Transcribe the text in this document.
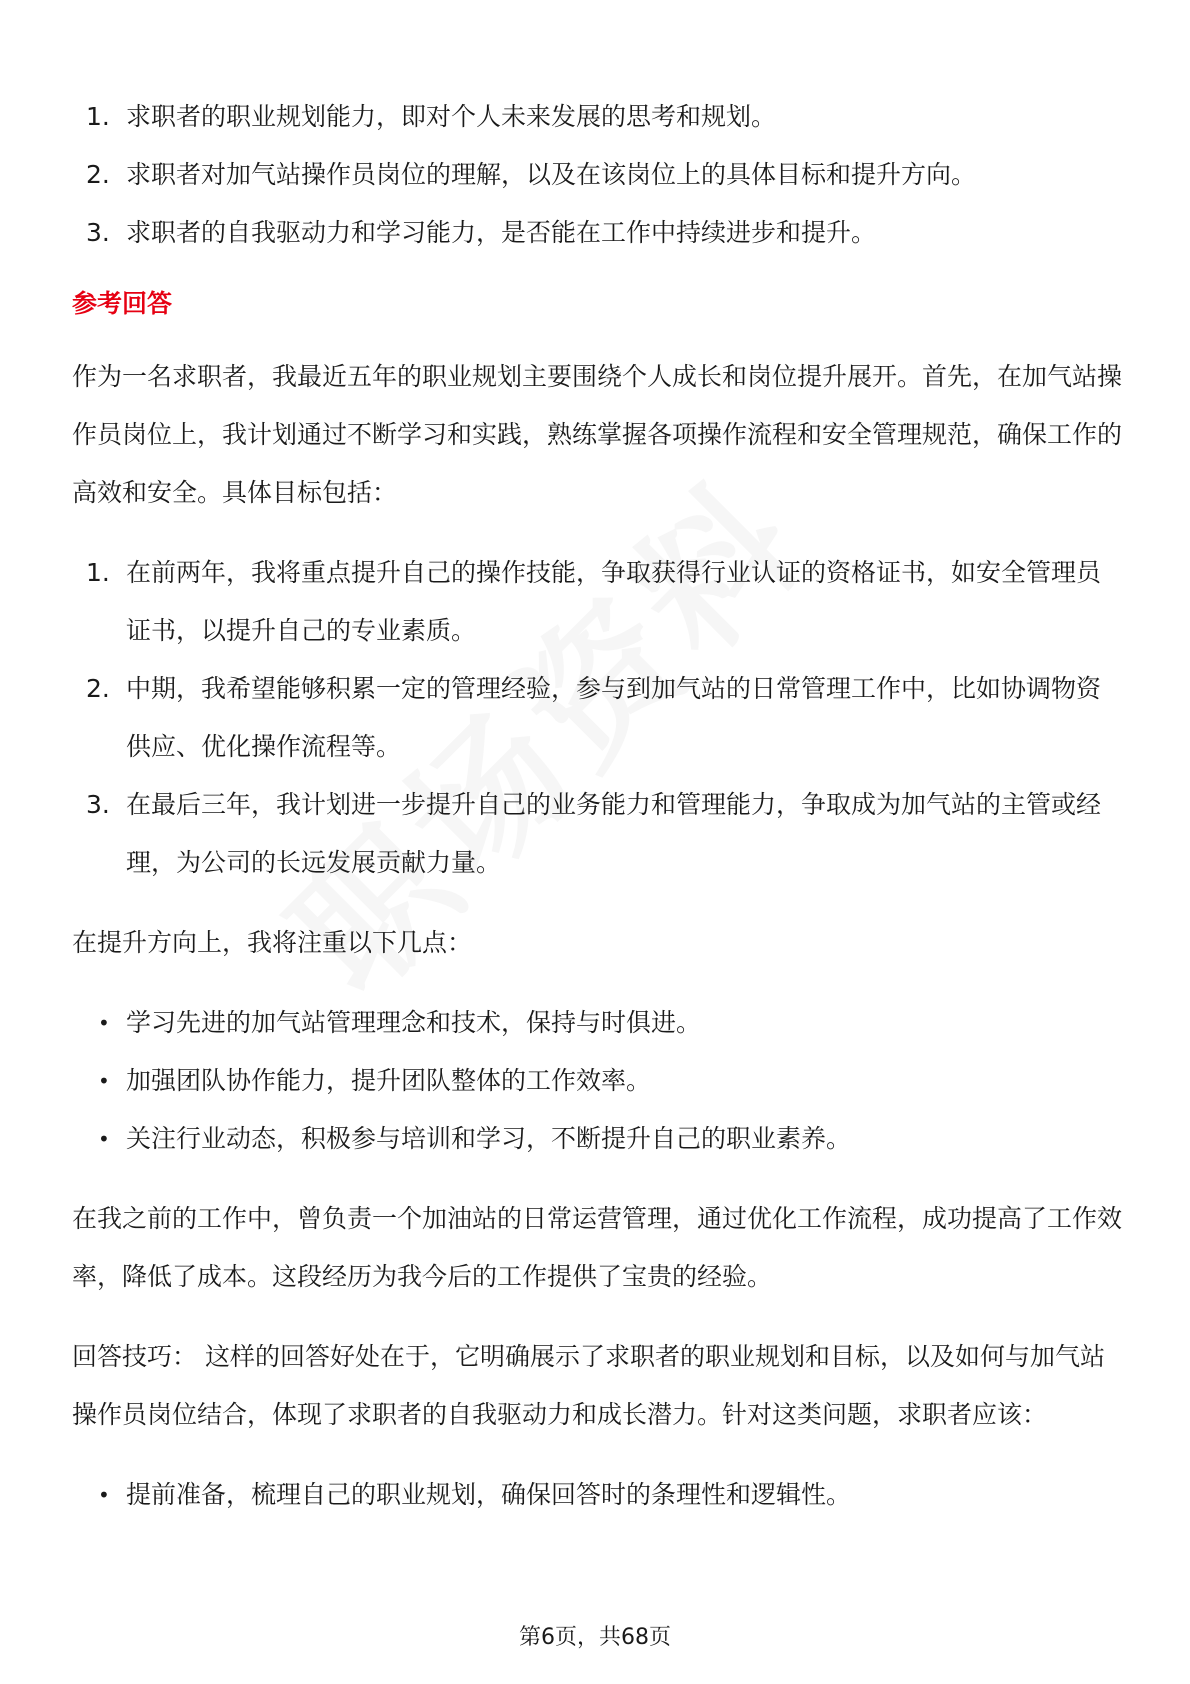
1. 求职者的职业规划能力，即对个人未来发展的思考和规划。
2. 求职者对加气站操作员岗位的理解，以及在该岗位上的具体目标和提升方向。
3. 求职者的自我驱动力和学习能力，是否能在工作中持续进步和提升。
参考回答

作为一名求职者，我最近五年的职业规划主要围绕个人成长和岗位提升展开。首先，在加气站操作员岗位上，我计划通过不断学习和实践，熟练掌握各项操作流程和安全管理规范，确保工作的高效和安全。具体目标包括：

1. 在前两年，我将重点提升自己的操作技能，争取获得行业认证的资格证书，如安全管理员证书，以提升自己的专业素质。
2. 中期，我希望能够积累一定的管理经验，参与到加气站的日常管理工作中，比如协调物资供应、优化操作流程等。
3. 在最后三年，我计划进一步提升自己的业务能力和管理能力，争取成为加气站的主管或经理，为公司的长远发展贡献力量。

在提升方向上，我将注重以下几点：

• 学习先进的加气站管理理念和技术，保持与时俱进。
• 加强团队协作能力，提升团队整体的工作效率。
• 关注行业动态，积极参与培训和学习，不断提升自己的职业素养。

在我之前的工作中，曾负责一个加油站的日常运营管理，通过优化工作流程，成功提高了工作效率，降低了成本。这段经历为我今后的工作提供了宝贵的经验。

回答技巧： 这样的回答好处在于，它明确展示了求职者的职业规划和目标，以及如何与加气站操作员岗位结合，体现了求职者的自我驱动力和成长潜力。针对这类问题，求职者应该：

• 提前准备，梳理自己的职业规划，确保回答时的条理性和逻辑性。
第6页，共68页
